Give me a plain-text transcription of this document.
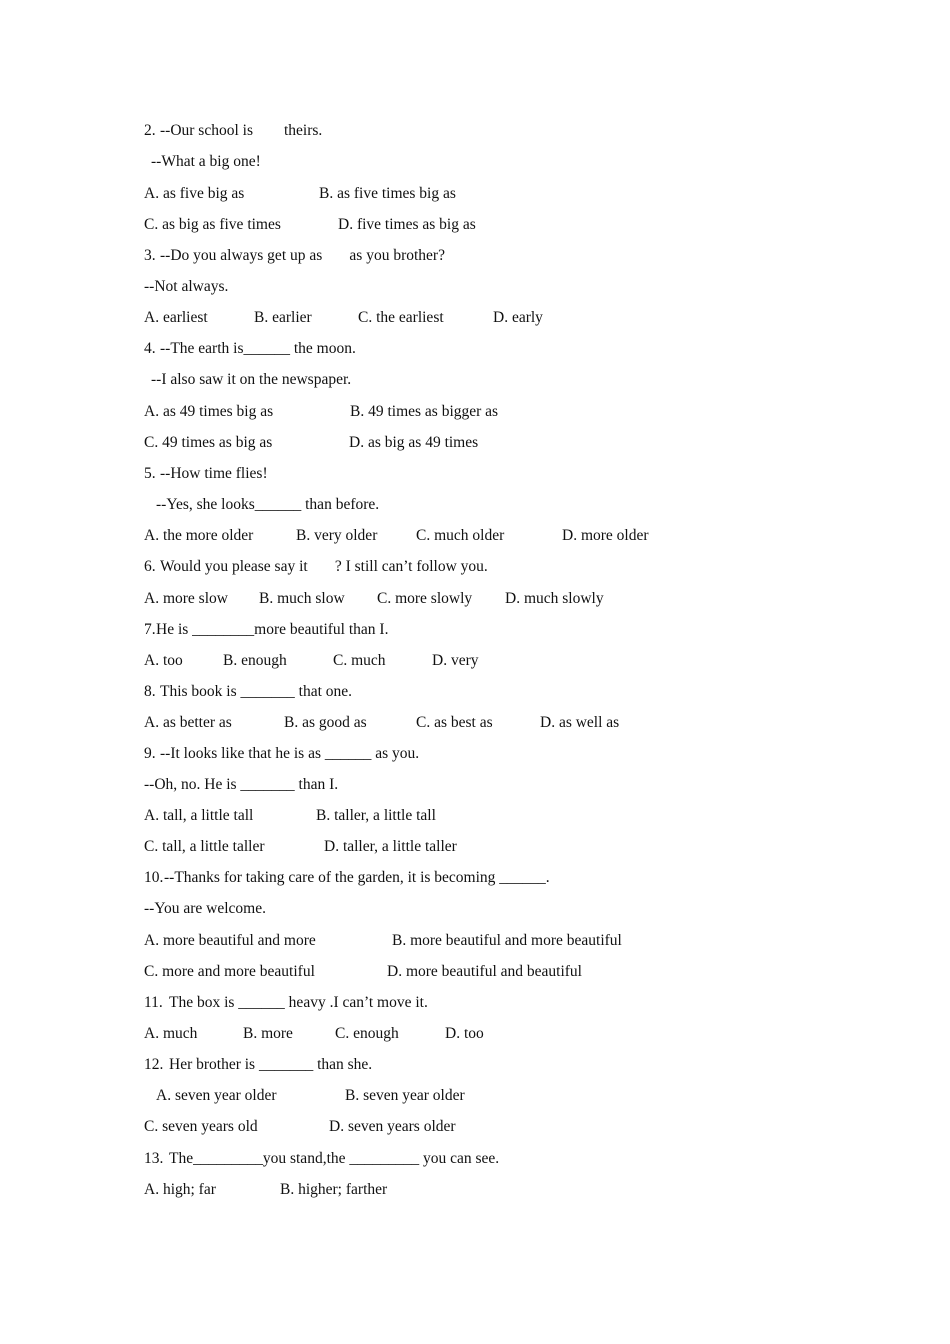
2.

--Our school is        theirs.

--What a big one!

A. as five big as

	B. as five times big as

C. as big as five times

	D. five times as big as

3.

--Do you always get up as       as you brother?

--Not always.

A. earliest

	B. earlier

	C. the earliest

	D. early

4.

--The earth is______ the moon.

--I also saw it on the newspaper.

A. as 49 times big as

	B. 49 times as bigger as

C. 49 times as big as

	D. as big as 49 times

5.

--How time flies!

--Yes, she looks______ than before.

A. the more older

	B. very older

C. much older

	D. more older

6.

Would you please say it       ? I still can’t follow you.

A. more slow

B. much slow

C. more slowly

D. much slowly

7.

He is ________more beautiful than I.

A. too

	B. enough

	C. much

	D. very

8.

This book is _______ that one.

A. as better as

	B. as good as

	C. as best as

	D. as well as

9.

--It looks like that he is as ______ as you.

--Oh, no. He is _______ than I.

A. tall, a little tall

	B. taller, a little tall

C. tall, a little taller

	D. taller, a little taller

10.

--Thanks for taking care of the garden, it is becoming ______.

--You are welcome.

A. more beautiful and more

	B. more beautiful and more beautiful

C. more and more beautiful

	D. more beautiful and beautiful

11.

The box is ______ heavy .I can’t move it.

A. much

	B. more

	C. enough

	D. too

12.

Her brother is _______ than she.

A. seven year older

	B. seven year older

C. seven years old

	D. seven years older

13.

The_________you stand,the _________ you can see.

A. high; far

	B. higher; farther
